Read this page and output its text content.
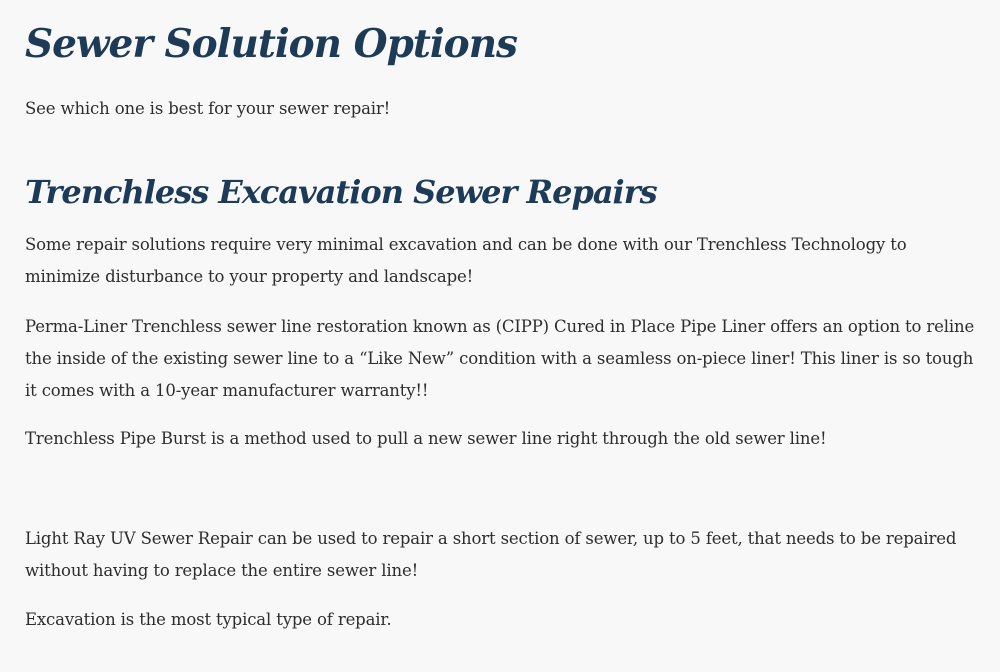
Sewer Solution Options

See which one is best for your sewer repair!

Trenchless Excavation Sewer Repairs

Some repair solutions require very minimal excavation and can be done with our Trenchless Technology to minimize disturbance to your property and landscape!

Perma-Liner Trenchless sewer line restoration known as (CIPP) Cured in Place Pipe Liner offers an option to reline the inside of the existing sewer line to a “Like New” condition with a seamless on-piece liner! This liner is so tough it comes with a 10-year manufacturer warranty!!

Trenchless Pipe Burst is a method used to pull a new sewer line right through the old sewer line!

Light Ray UV Sewer Repair can be used to repair a short section of sewer, up to 5 feet, that needs to be repaired without having to replace the entire sewer line!

Excavation is the most typical type of repair.
